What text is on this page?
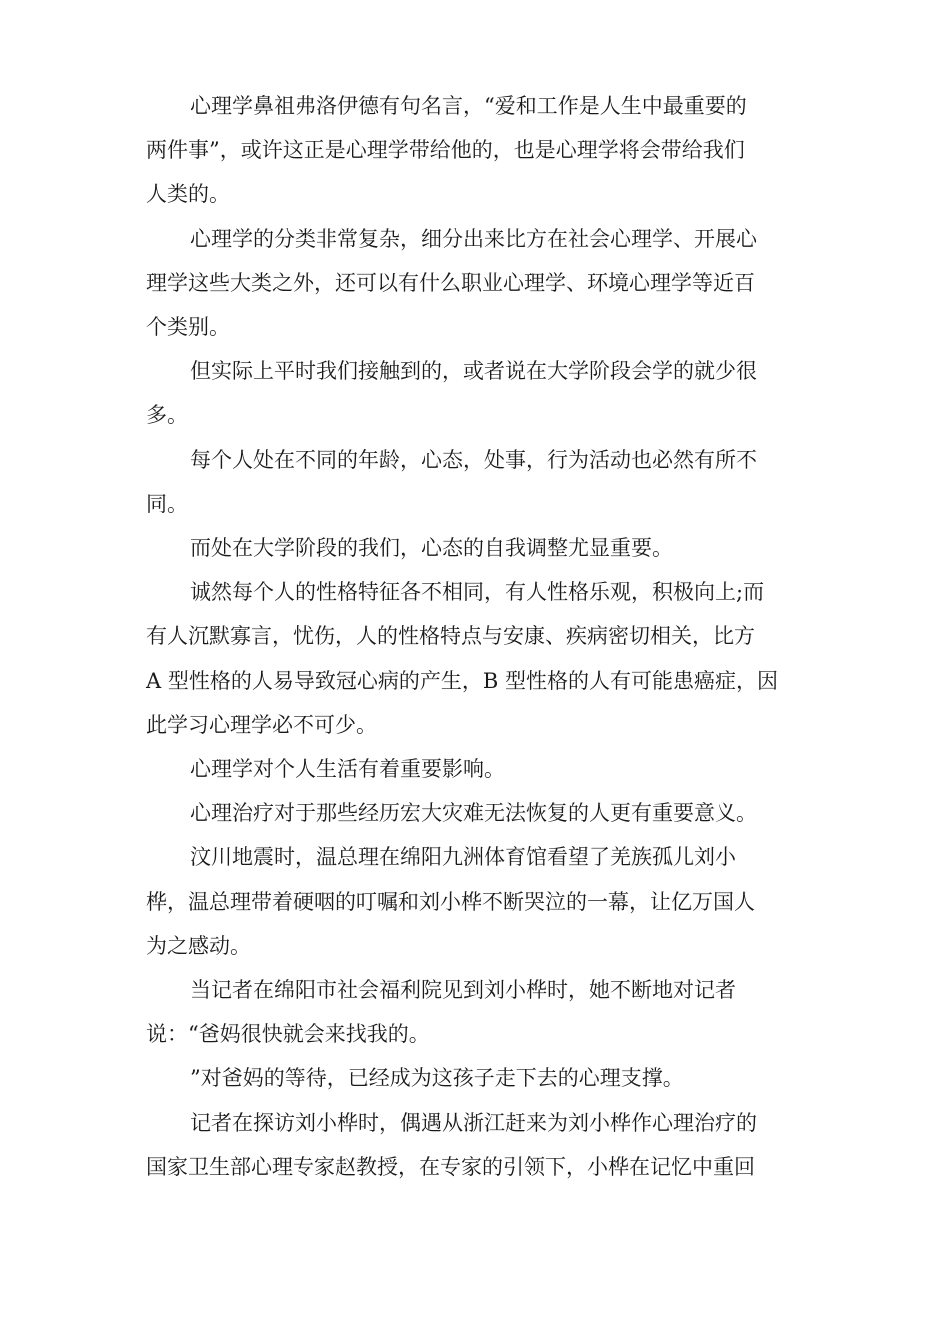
心理学鼻祖弗洛伊德有句名言，“爱和工作是人生中最重要的
两件事”，或许这正是心理学带给他的，也是心理学将会带给我们
人类的。

心理学的分类非常复杂，细分出来比方在社会心理学、开展心
理学这些大类之外，还可以有什么职业心理学、环境心理学等近百
个类别。

但实际上平时我们接触到的，或者说在大学阶段会学的就少很
多。

每个人处在不同的年龄，心态，处事，行为活动也必然有所不
同。

而处在大学阶段的我们，心态的自我调整尤显重要。

诚然每个人的性格特征各不相同，有人性格乐观，积极向上;而
有人沉默寡言，忧伤，人的性格特点与安康、疾病密切相关，比方
A 型性格的人易导致冠心病的产生，B 型性格的人有可能患癌症，因
此学习心理学必不可少。

心理学对个人生活有着重要影响。

心理治疗对于那些经历宏大灾难无法恢复的人更有重要意义。

汶川地震时，温总理在绵阳九洲体育馆看望了羌族孤儿刘小
桦，温总理带着硬咽的叮嘱和刘小桦不断哭泣的一幕，让亿万国人
为之感动。

当记者在绵阳市社会福利院见到刘小桦时，她不断地对记者
说：“爸妈很快就会来找我的。

”对爸妈的等待，已经成为这孩子走下去的心理支撑。

记者在探访刘小桦时，偶遇从浙江赶来为刘小桦作心理治疗的
国家卫生部心理专家赵教授，在专家的引领下，小桦在记忆中重回
